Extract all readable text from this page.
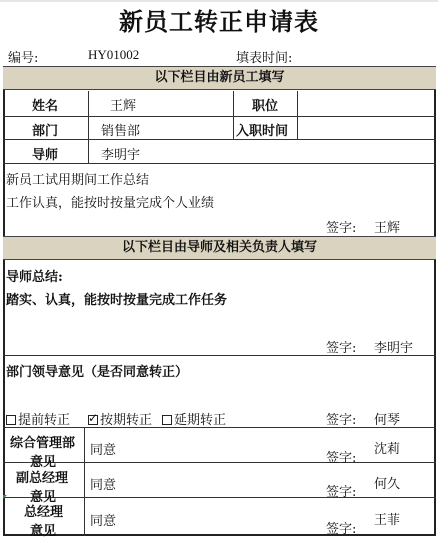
新员工转正申请表
编号:	HY01002	填表时间:
以下栏目由新员工填写
姓名	王辉	职位
部门	销售部	入职时间
导师	李明宇
新员工试用期间工作总结
工作认真，能按时按量完成个人业绩
签字: 王辉
以下栏目由导师及相关负责人填写
导师总结:
踏实、认真，能按时按量完成工作任务
签字: 李明宇
部门领导意见（是否同意转正）
提前转正
✓	按期转正	延期转正	签字: 何琴
综合管理部
意见
同意
签字:
沈莉
副总经理
意见
同意	签字:
何久
总经理
意见
同意
签字:
王菲
